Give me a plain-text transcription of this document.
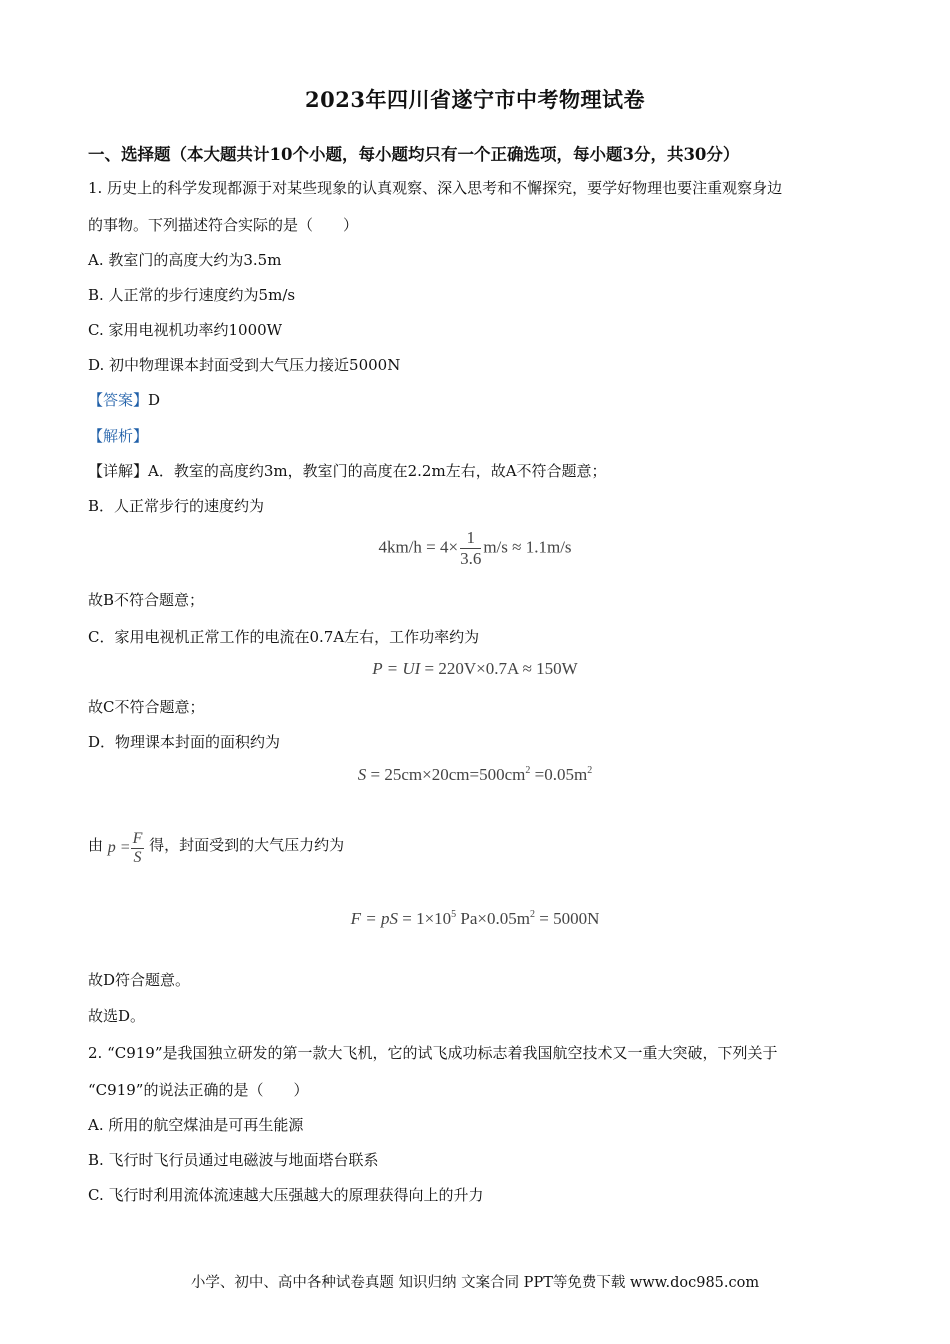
2023年四川省遂宁市中考物理试卷
一、选择题（本大题共计10个小题，每小题均只有一个正确选项，每小题3分，共30分）
1. 历史上的科学发现都源于对某些现象的认真观察、深入思考和不懈探究，要学好物理也要注重观察身边
的事物。下列描述符合实际的是（　　）
A. 教室门的高度大约为3.5m
B. 人正常的步行速度约为5m/s
C. 家用电视机功率约1000W
D. 初中物理课本封面受到大气压力接近5000N
【答案】D
【解析】
【详解】A．教室的高度约3m，教室门的高度在2.2m左右，故A不符合题意；
B．人正常步行的速度约为
$4km/h = 4\times \frac{1}{3.6} m/s \approx 1.1m/s$
故B不符合题意；
C．家用电视机正常工作的电流在0.7A左右，工作功率约为
P = UI = 220V×0.7A ≈ 150W
故C不符合题意；
D．物理课本封面的面积约为
$S = 25cm\times 20cm=500cm^2 =0.05m^2$
由 $p = \frac{F}{S}$ 得，封面受到的大气压力约为
F = pS = $1\times 10^5$ $Pa\times 0.05m^2 = 5000N$
故D符合题意。
故选D。
2. “C919”是我国独立研发的第一款大飞机，它的试飞成功标志着我国航空技术又一重大突破，下列关于
“C919”的说法正确的是（　　）
A. 所用的航空煤油是可再生能源
B. 飞行时飞行员通过电磁波与地面塔台联系
C. 飞行时利用流体流速越大压强越大的原理获得向上的升力
小学、初中、高中各种试卷真题 知识归纳 文案合同 PPT等免费下载 www.doc985.com
